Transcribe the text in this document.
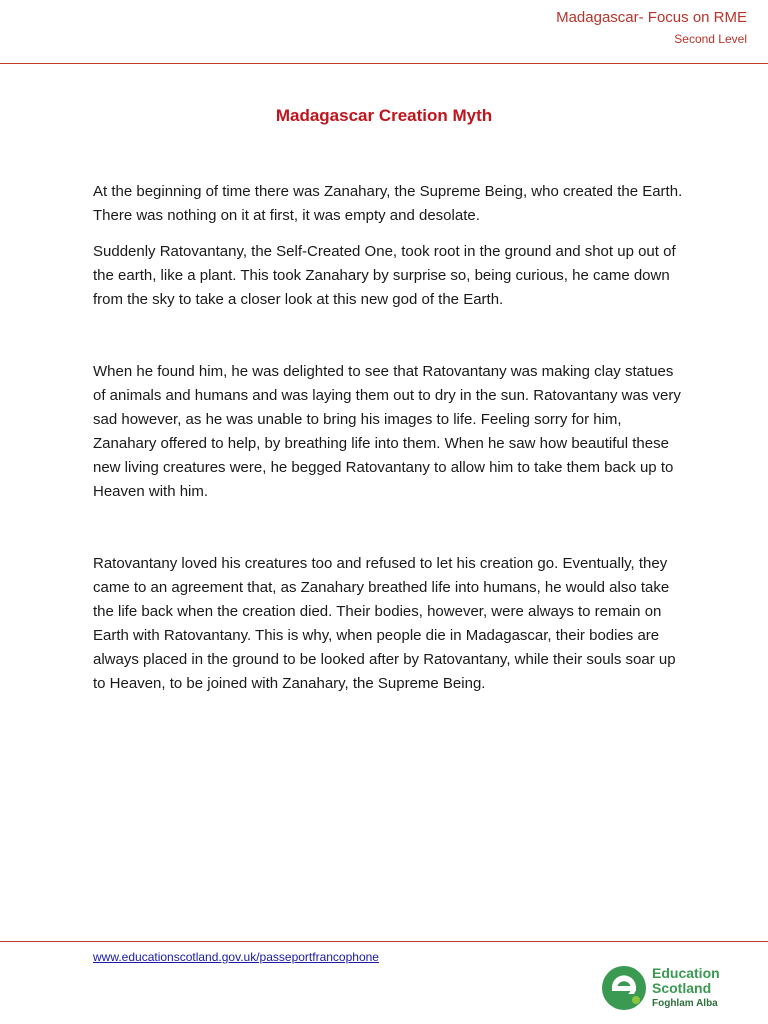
Madagascar- Focus on RME
Second Level
Madagascar Creation Myth

At the beginning of time there was Zanahary, the Supreme Being, who created the Earth. There was nothing on it at first, it was empty and desolate.

Suddenly Ratovantany, the Self-Created One, took root in the ground and shot up out of the earth, like a plant. This took Zanahary by surprise so, being curious, he came down from the sky to take a closer look at this new god of the Earth.

When he found him, he was delighted to see that Ratovantany was making clay statues of animals and humans and was laying them out to dry in the sun. Ratovantany was very sad however, as he was unable to bring his images to life. Feeling sorry for him, Zanahary offered to help, by breathing life into them. When he saw how beautiful these new living creatures were, he begged Ratovantany to allow him to take them back up to Heaven with him.

Ratovantany loved his creatures too and refused to let his creation go. Eventually, they came to an agreement that, as Zanahary breathed life into humans, he would also take the life back when the creation died. Their bodies, however, were always to remain on Earth with Ratovantany. This is why, when people die in Madagascar, their bodies are always placed in the ground to be looked after by Ratovantany, while their souls soar up to Heaven, to be joined with Zanahary, the Supreme Being.

www.educationscotland.gov.uk/passeportfrancophone
Education
Scotland
Foghlam Alba
